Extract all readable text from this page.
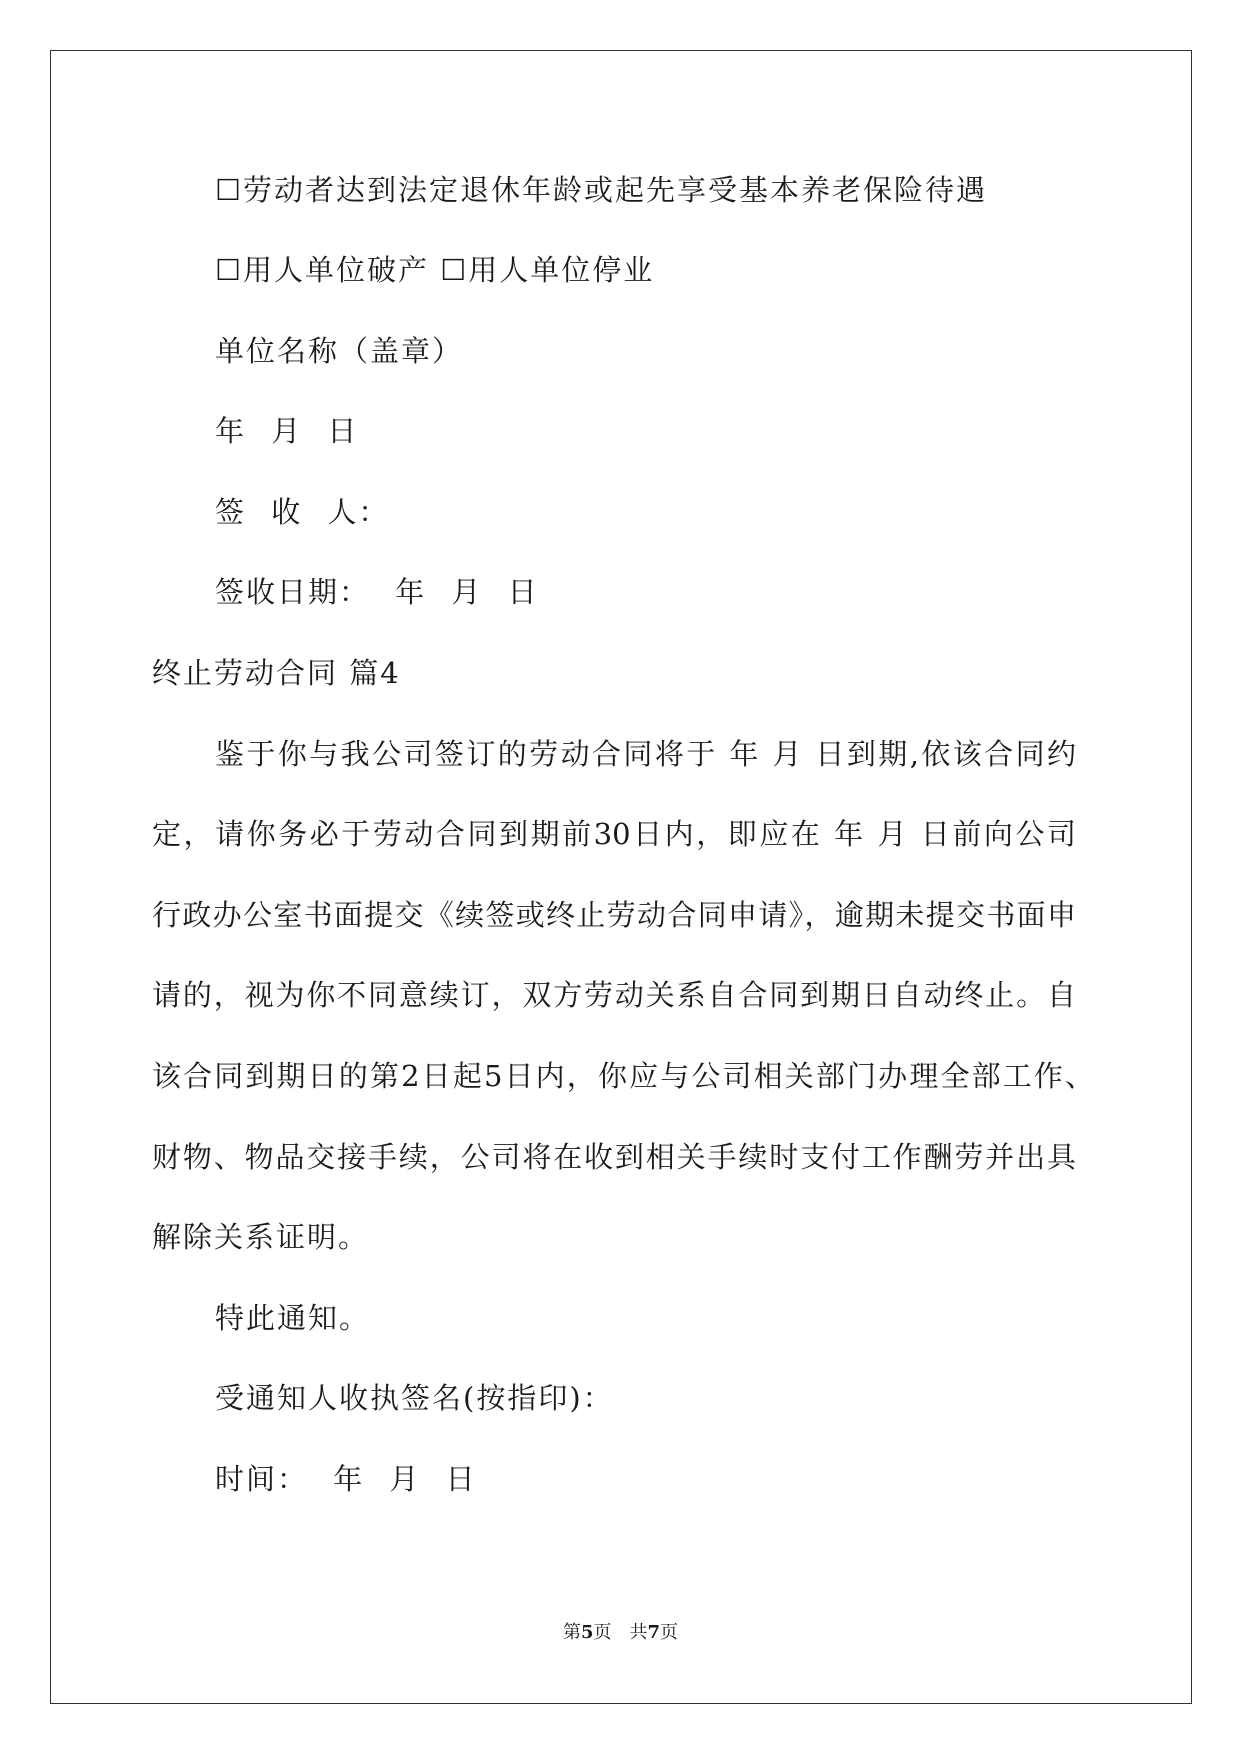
☐劳动者达到法定退休年龄或起先享受基本养老保险待遇

☐用人单位破产 ☐用人单位停业

单位名称（盖章）

年 月 日

签 收 人：

签收日期： 年 月 日

终止劳动合同 篇4

鉴于你与我公司签订的劳动合同将于 年 月 日到期,依该合同约

定，请你务必于劳动合同到期前30日内，即应在 年 月 日前向公司

行政办公室书面提交《续签或终止劳动合同申请》，逾期未提交书面申

请的，视为你不同意续订，双方劳动关系自合同到期日自动终止。自

该合同到期日的第2日起5日内，你应与公司相关部门办理全部工作、

财物、物品交接手续，公司将在收到相关手续时支付工作酬劳并出具

解除关系证明。

特此通知。

受通知人收执签名(按指印)：

时间： 年 月 日

第5页　共7页
